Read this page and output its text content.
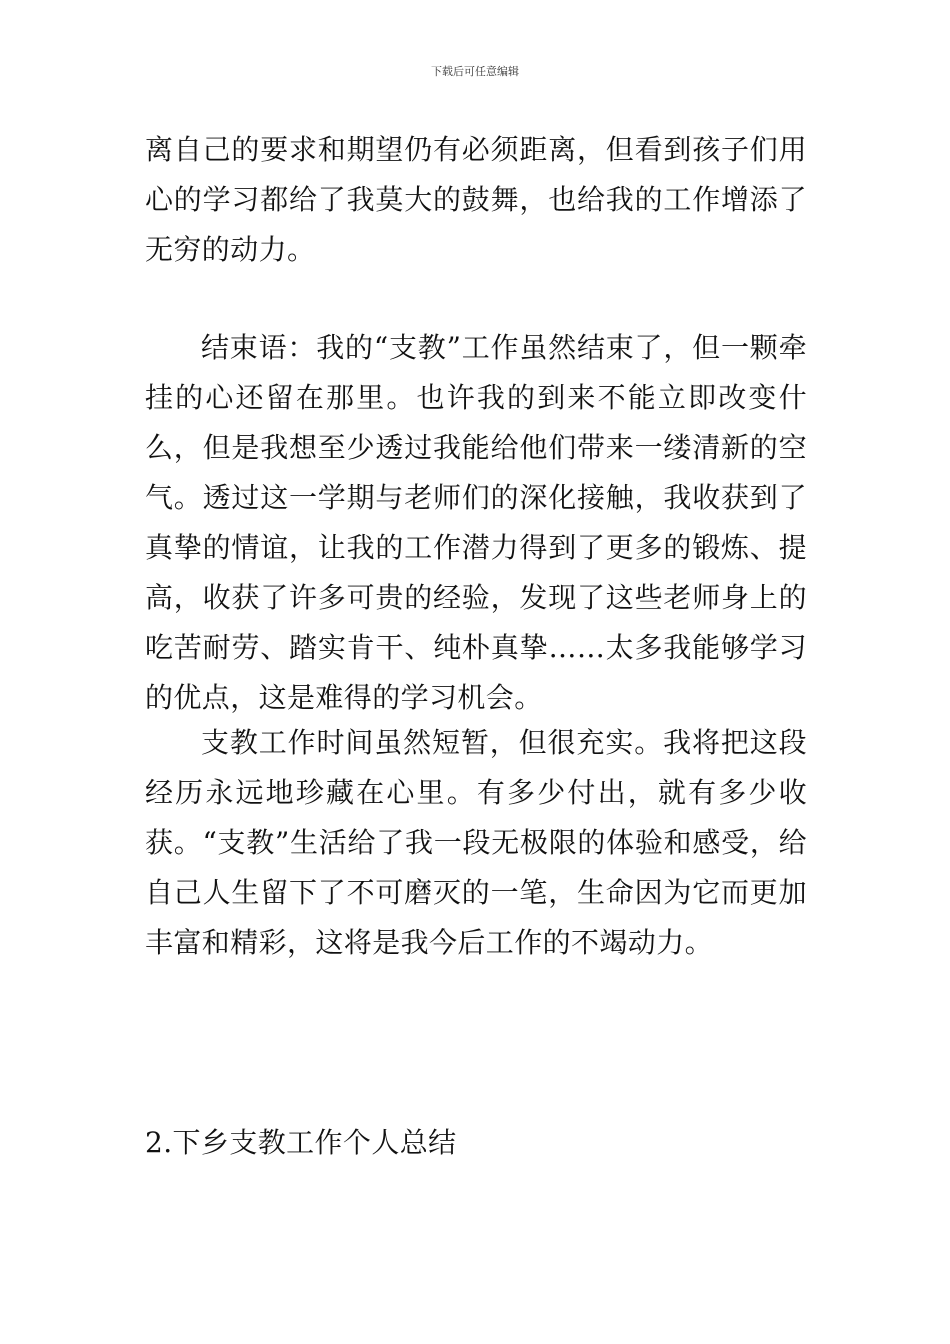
下载后可任意编辑

离自己的要求和期望仍有必须距离，但看到孩子们用心的学习都给了我莫大的鼓舞，也给我的工作增添了无穷的动力。

结束语：我的“支教”工作虽然结束了，但一颗牵挂的心还留在那里。也许我的到来不能立即改变什么，但是我想至少透过我能给他们带来一缕清新的空气。透过这一学期与老师们的深化接触，我收获到了真挚的情谊，让我的工作潜力得到了更多的锻炼、提高，收获了许多可贵的经验，发现了这些老师身上的吃苦耐劳、踏实肯干、纯朴真挚……太多我能够学习的优点，这是难得的学习机会。

支教工作时间虽然短暂，但很充实。我将把这段经历永远地珍藏在心里。有多少付出，就有多少收获。“支教”生活给了我一段无极限的体验和感受，给自己人生留下了不可磨灭的一笔，生命因为它而更加丰富和精彩，这将是我今后工作的不竭动力。

2.下乡支教工作个人总结
